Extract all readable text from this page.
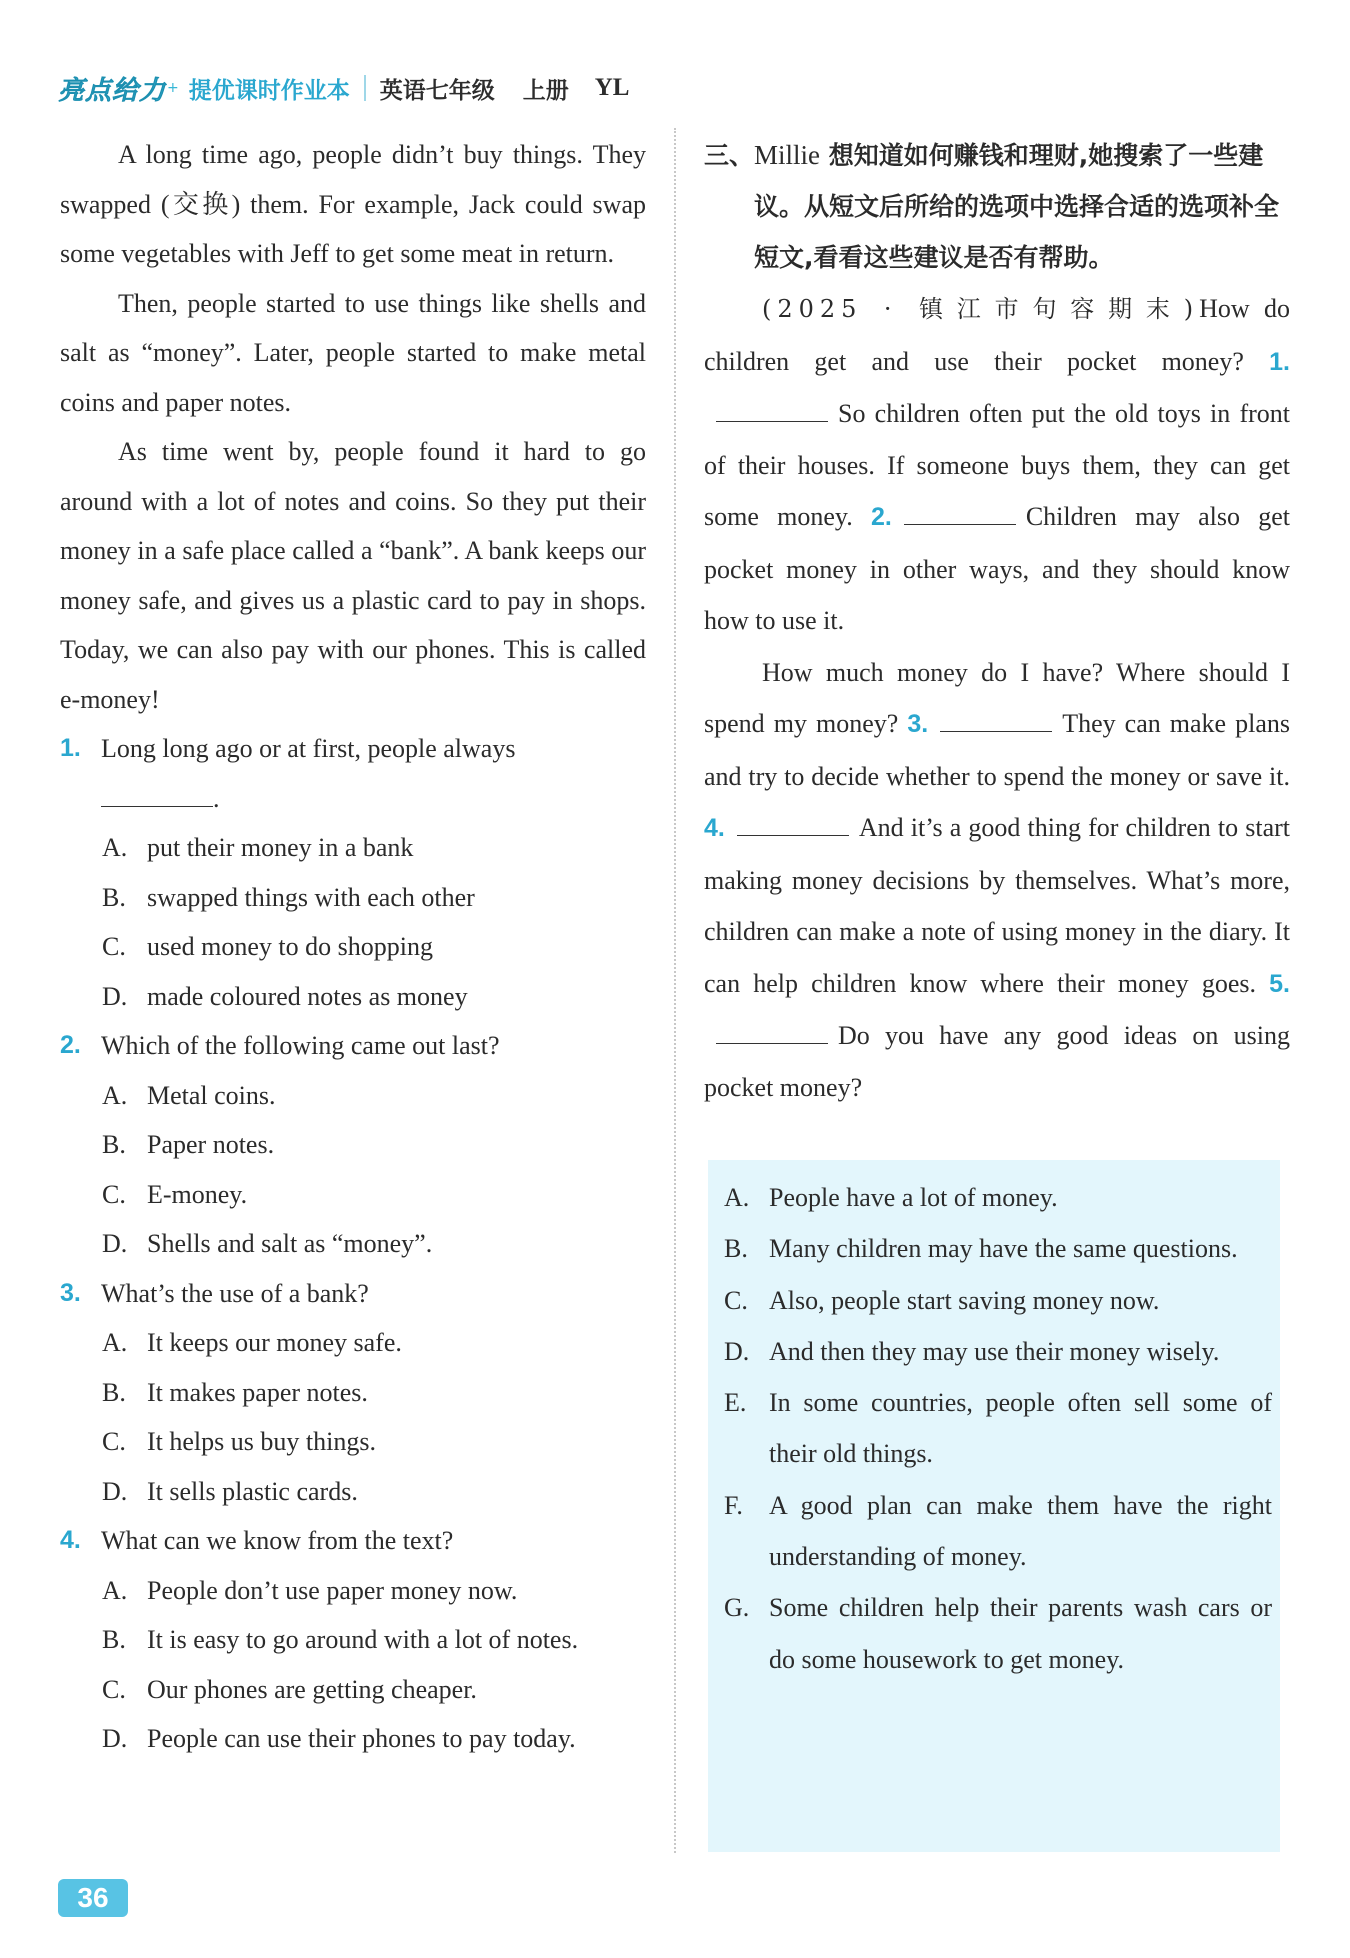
亮点给力 + 提优课时作业本 英语七年级 上册 YL

A long time ago, people didn’t buy things. They swapped (交换) them. For example, Jack could swap some vegetables with Jeff to get some meat in return.

Then, people started to use things like shells and salt as “money”. Later, people started to make metal coins and paper notes.

As time went by, people found it hard to go around with a lot of notes and coins. So they put their money in a safe place called a “bank”. A bank keeps our money safe, and gives us a plastic card to pay in shops. Today, we can also pay with our phones. This is called e-money!

1. Long long ago or at first, people always
.
A. put their money in a bank
B. swapped things with each other
C. used money to do shopping
D. made coloured notes as money
2. Which of the following came out last?
A. Metal coins.
B. Paper notes.
C. E-money.
D. Shells and salt as “money”.
3. What’s the use of a bank?
A. It keeps our money safe.
B. It makes paper notes.
C. It helps us buy things.
D. It sells plastic cards.
4. What can we know from the text?
A. People don’t use paper money now.
B. It is easy to go around with a lot of notes.
C. Our phones are getting cheaper.
D. People can use their phones to pay today.
三、 Millie 想知道如何赚钱和理财,她搜索了一些建议。从短文后所给的选项中选择合适的选项补全短文,看看这些建议是否有帮助。

(2025 · 镇江市句容期末)How do children get and use their pocket money? 1.So children often put the old toys in front of their houses. If someone buys them, they can get some money. 2.	Children may also get pocket money in other ways, and they should know how to use it.

How much money do I have? Where should I spend my money? 3.	They can make plans and try to decide whether to spend the money or save it. 4.	And it’s a good thing for children to start making money decisions by themselves. What’s more, children can make a note of using money in the diary. It can help children know where their money goes. 5.Do you have any good ideas on using pocket money?

A. People have a lot of money.
B. Many children may have the same questions.
C. Also, people start saving money now.
D. And then they may use their money wisely.
E. In some countries, people often sell some of their old things.
F.	A good plan can make them have the right understanding of money.
G. Some children help their parents wash cars or do some housework to get money.
36
